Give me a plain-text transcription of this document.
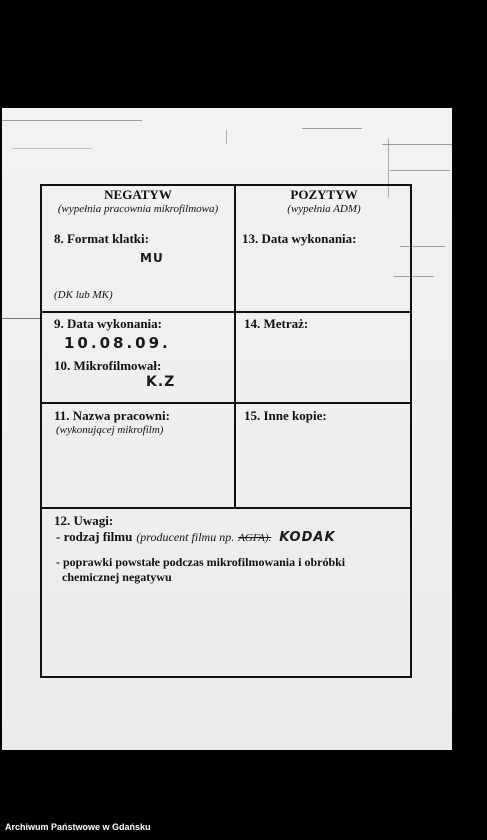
NEGATYW
(wypełnia pracownia mikrofilmowa)
8. Format klatki:
MU
(DK lub MK)
POZYTYW
(wypełnia ADM)
13. Data wykonania:
9. Data wykonania:
10.08.09.
10. Mikrofilmował:
K.Z
14. Metraż:
11. Nazwa pracowni:
(wykonującej mikrofilm)
15. Inne kopie:
12. Uwagi:
- rodzaj filmu (producent filmu np. AGFA). KODAK
- poprawki powstałe podczas mikrofilmowania i obróbki
chemicznej negatywu
Archiwum Państwowe w Gdańsku
